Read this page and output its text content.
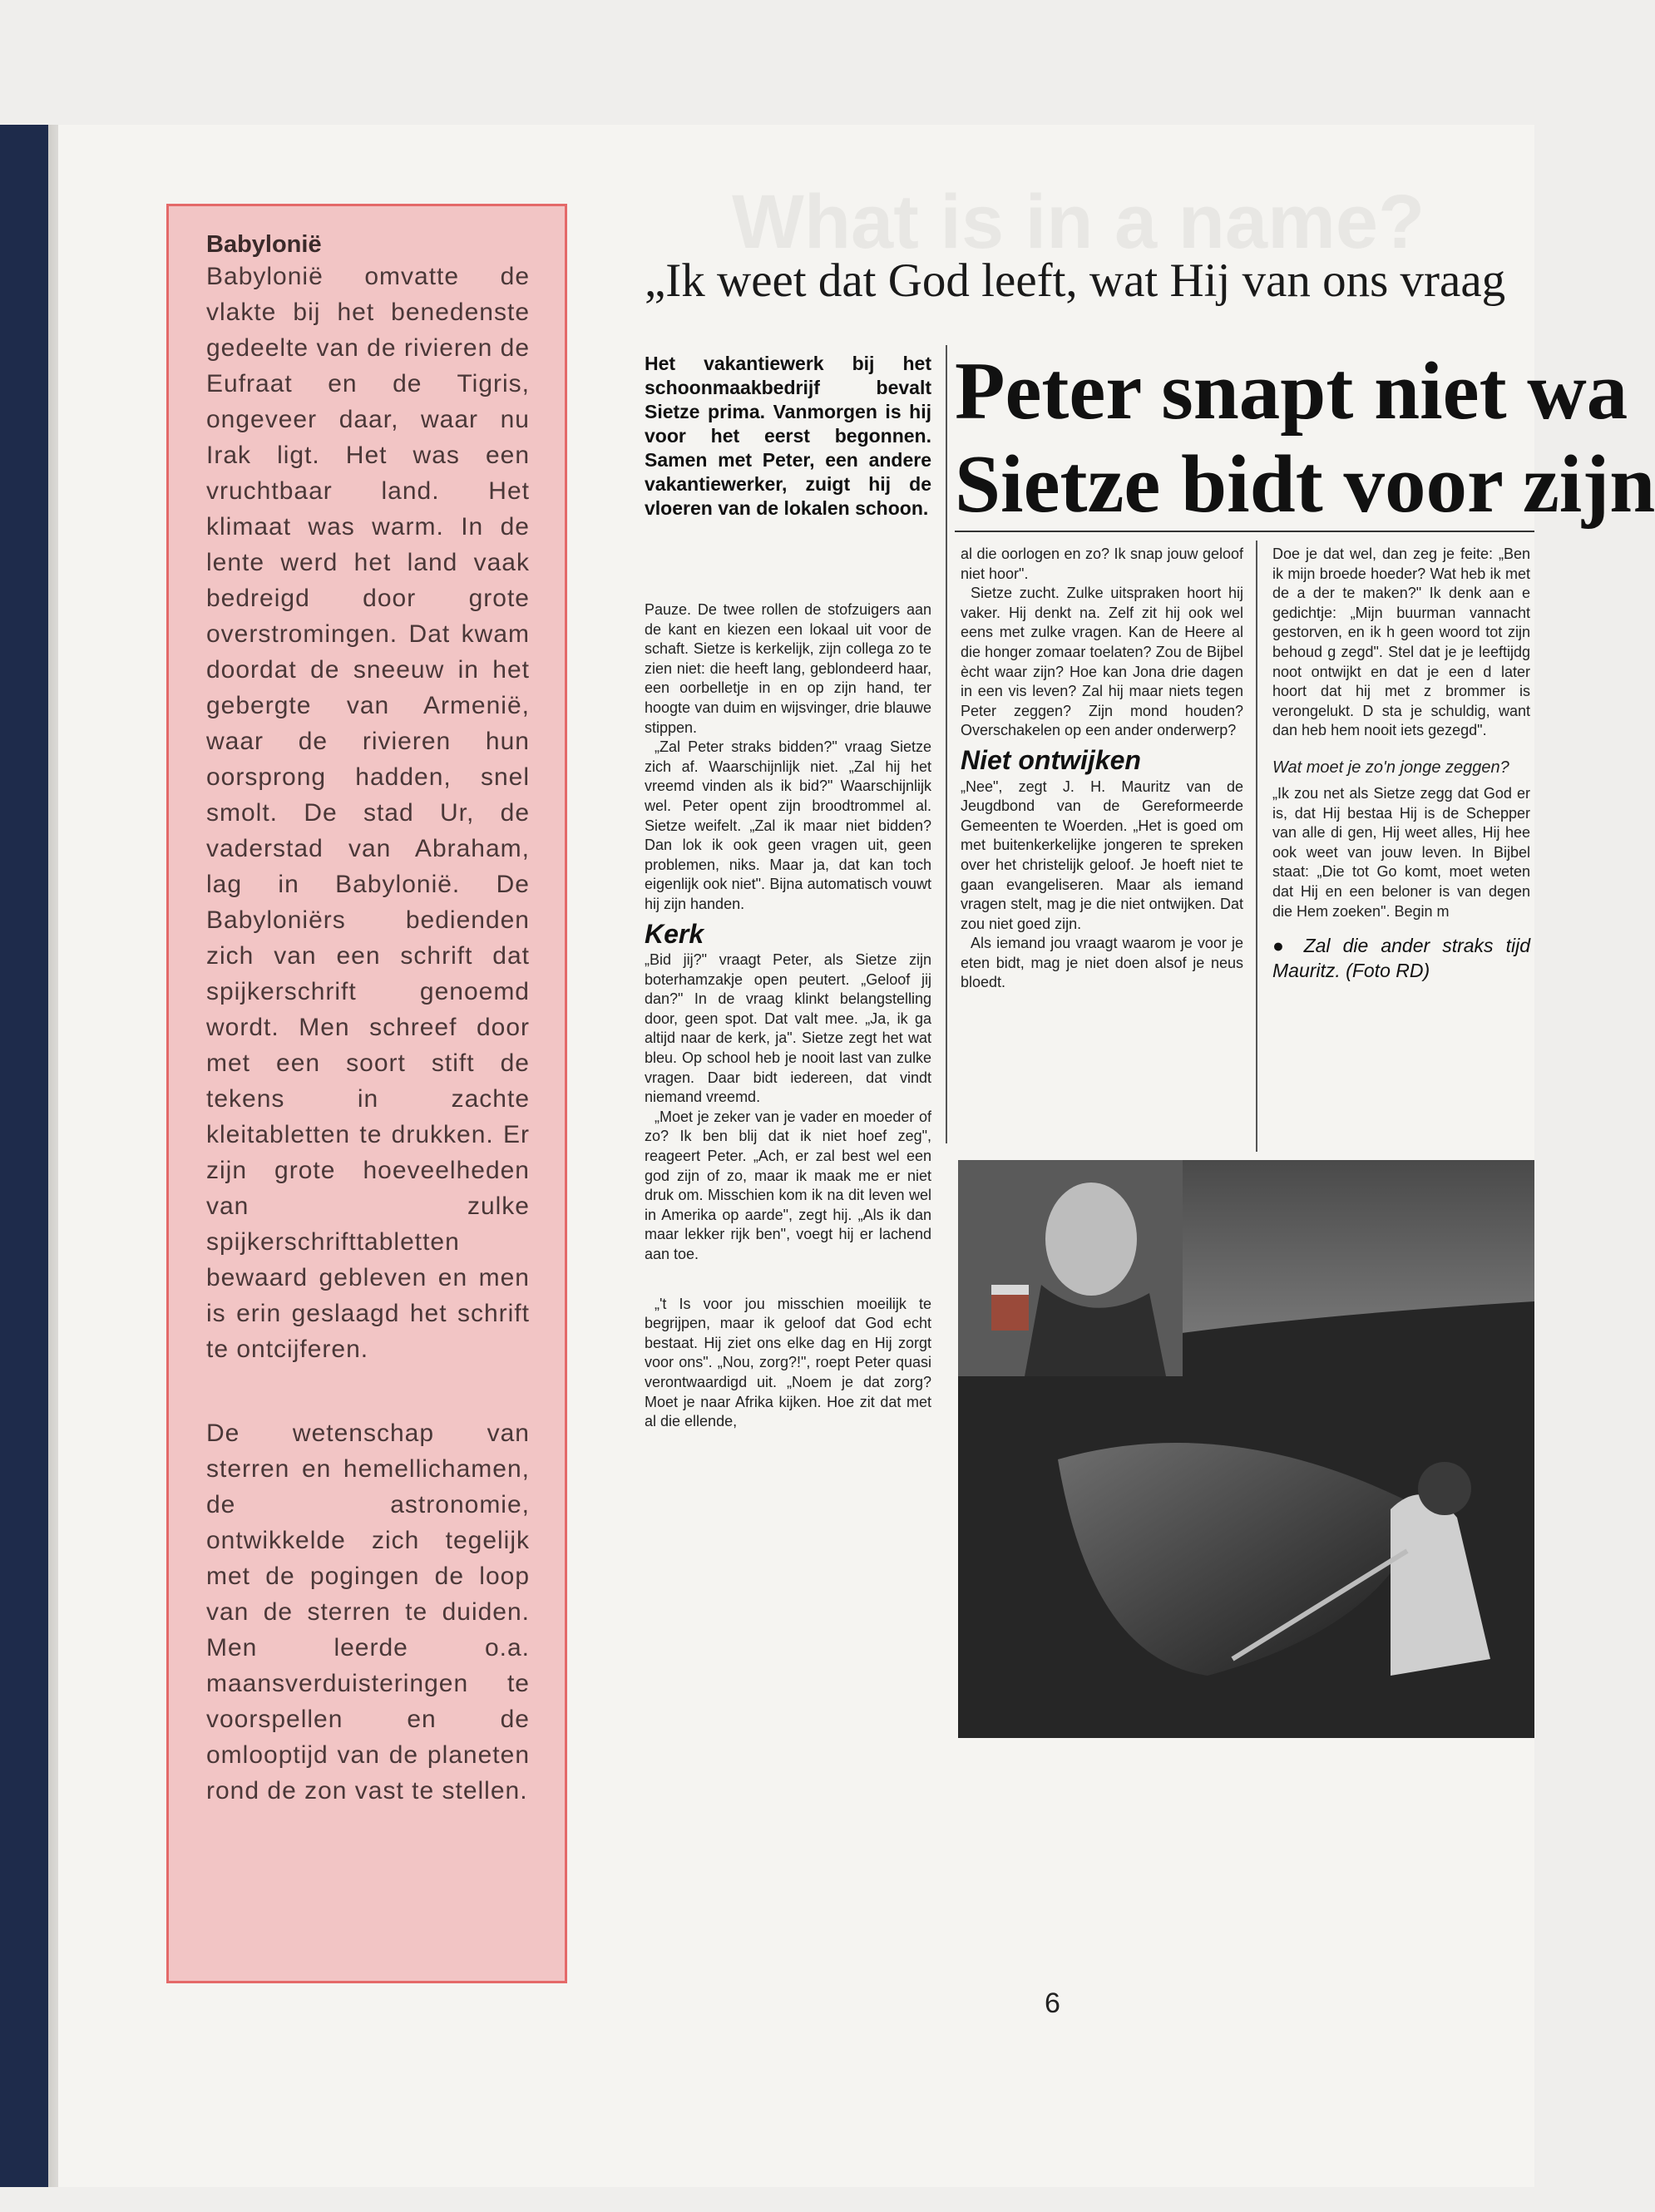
What is in a name?
Babylonië

Babylonië omvatte de vlakte bij het benedenste gedeelte van de rivieren de Eufraat en de Tigris, ongeveer daar, waar nu Irak ligt. Het was een vruchtbaar land. Het klimaat was warm. In de lente werd het land vaak bedreigd door grote overstromingen. Dat kwam doordat de sneeuw in het gebergte van Armenië, waar de rivieren hun oorsprong hadden, snel smolt. De stad Ur, de vaderstad van Abraham, lag in Babylonië. De Babyloniërs bedienden zich van een schrift dat spijkerschrift genoemd wordt. Men schreef door met een soort stift de tekens in zachte kleitabletten te drukken. Er zijn grote hoeveelheden van zulke spijkerschrifttabletten bewaard gebleven en men is erin geslaagd het schrift te ontcijferen.

De wetenschap van sterren en hemellichamen, de astronomie, ontwikkelde zich tegelijk met de pogingen de loop van de sterren te duiden. Men leerde o.a. maansverduisteringen te voorspellen en de omlooptijd van de planeten rond de zon vast te stellen.

„Ik weet dat God leeft, wat Hij van ons vraag
Peter snapt niet wa
Sietze bidt voor zijn
Het vakantiewerk bij het schoonmaakbedrijf bevalt Sietze prima. Vanmorgen is hij voor het eerst begonnen. Samen met Peter, een andere vakantiewerker, zuigt hij de vloeren van de lokalen schoon.

Pauze. De twee rollen de stofzuigers aan de kant en kiezen een lokaal uit voor de schaft. Sietze is kerkelijk, zijn collega zo te zien niet: die heeft lang, geblondeerd haar, een oorbelletje in en op zijn hand, ter hoogte van duim en wijsvinger, drie blauwe stippen.

„Zal Peter straks bidden?" vraag Sietze zich af. Waarschijnlijk niet. „Zal hij het vreemd vinden als ik bid?" Waarschijnlijk wel. Peter opent zijn broodtrommel al. Sietze weifelt. „Zal ik maar niet bidden? Dan lok ik ook geen vragen uit, geen problemen, niks. Maar ja, dat kan toch eigenlijk ook niet". Bijna automatisch vouwt hij zijn handen.

Kerk

„Bid jij?" vraagt Peter, als Sietze zijn boterhamzakje open peutert. „Geloof jij dan?" In de vraag klinkt belangstelling door, geen spot. Dat valt mee. „Ja, ik ga altijd naar de kerk, ja". Sietze zegt het wat bleu. Op school heb je nooit last van zulke vragen. Daar bidt iedereen, dat vindt niemand vreemd.

„Moet je zeker van je vader en moeder of zo? Ik ben blij dat ik niet hoef zeg", reageert Peter. „Ach, er zal best wel een god zijn of zo, maar ik maak me er niet druk om. Misschien kom ik na dit leven wel in Amerika op aarde", zegt hij. „Als ik dan maar lekker rijk ben", voegt hij er lachend aan toe.

„'t Is voor jou misschien moeilijk te begrijpen, maar ik geloof dat God echt bestaat. Hij ziet ons elke dag en Hij zorgt voor ons". „Nou, zorg?!", roept Peter quasi verontwaardigd uit. „Noem je dat zorg? Moet je naar Afrika kijken. Hoe zit dat met al die ellende,

al die oorlogen en zo? Ik snap jouw geloof niet hoor".

Sietze zucht. Zulke uitspraken hoort hij vaker. Hij denkt na. Zelf zit hij ook wel eens met zulke vragen. Kan de Heere al die honger zomaar toelaten? Zou de Bijbel ècht waar zijn? Hoe kan Jona drie dagen in een vis leven? Zal hij maar niets tegen Peter zeggen? Zijn mond houden? Overschakelen op een ander onderwerp?

Niet ontwijken

„Nee", zegt J. H. Mauritz van de Jeugdbond van de Gereformeerde Gemeenten te Woerden. „Het is goed om met buitenkerkelijke jongeren te spreken over het christelijk geloof. Je hoeft niet te gaan evangeliseren. Maar als iemand vragen stelt, mag je die niet ontwijken. Dat zou niet goed zijn.

Als iemand jou vraagt waarom je voor je eten bidt, mag je niet doen alsof je neus bloedt.

Doe je dat wel, dan zeg je feite: „Ben ik mijn broede hoeder? Wat heb ik met de a der te maken?" Ik denk aan e gedichtje: „Mijn buurman vannacht gestorven, en ik h geen woord tot zijn behoud g zegd". Stel dat je je leeftijdg noot ontwijkt en dat je een d later hoort dat hij met z brommer is verongelukt. D sta je schuldig, want dan heb hem nooit iets gezegd".

Wat moet je zo'n jonge zeggen?

„Ik zou net als Sietze zegg dat God er is, dat Hij bestaa Hij is de Schepper van alle di gen, Hij weet alles, Hij hee ook weet van jouw leven. In Bijbel staat: „Die tot Go komt, moet weten dat Hij en een beloner is van degen die Hem zoeken". Begin m

● Zal die ander straks tijd Mauritz. (Foto RD)
6
